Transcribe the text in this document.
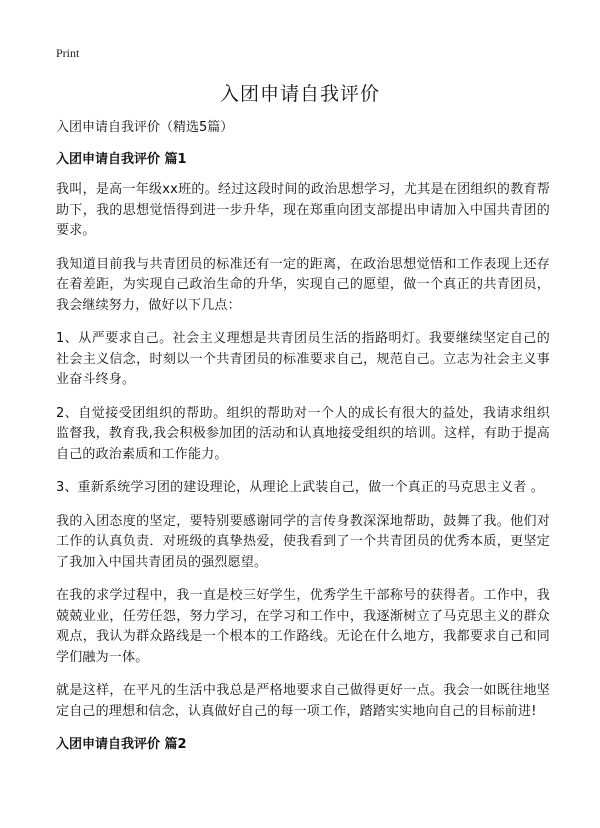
Print
入团申请自我评价

入团申请自我评价（精选5篇）

入团申请自我评价 篇1

我叫，是高一年级xx班的。经过这段时间的政治思想学习，尤其是在团组织的教育帮助下，我的思想觉悟得到进一步升华，现在郑重向团支部提出申请加入中国共青团的要求。

我知道目前我与共青团员的标准还有一定的距离，在政治思想觉悟和工作表现上还存在着差距，为实现自己政治生命的升华，实现自己的愿望，做一个真正的共青团员，我会继续努力，做好以下几点：

1、从严要求自己。社会主义理想是共青团员生活的指路明灯。我要继续坚定自己的社会主义信念，时刻以一个共青团员的标准要求自己，规范自己。立志为社会主义事业奋斗终身。

2、自觉接受团组织的帮助。组织的帮助对一个人的成长有很大的益处，我请求组织监督我，教育我,我会积极参加团的活动和认真地接受组织的培训。这样，有助于提高自己的政治素质和工作能力。

3、重新系统学习团的建设理论，从理论上武装自己，做一个真正的马克思主义者 。

我的入团态度的坚定，要特别要感谢同学的言传身教深深地帮助，鼓舞了我。他们对工作的认真负责．对班级的真挚热爱，使我看到了一个共青团员的优秀本质，更坚定了我加入中国共青团员的强烈愿望。

在我的求学过程中，我一直是校三好学生，优秀学生干部称号的获得者。工作中，我兢兢业业，任劳任怨，努力学习，在学习和工作中，我逐渐树立了马克思主义的群众观点，我认为群众路线是一个根本的工作路线。无论在什么地方，我都要求自己和同学们融为一体。

就是这样，在平凡的生活中我总是严格地要求自己做得更好一点。我会一如既往地坚定自己的理想和信念，认真做好自己的每一项工作，踏踏实实地向自己的目标前进!

入团申请自我评价 篇2
